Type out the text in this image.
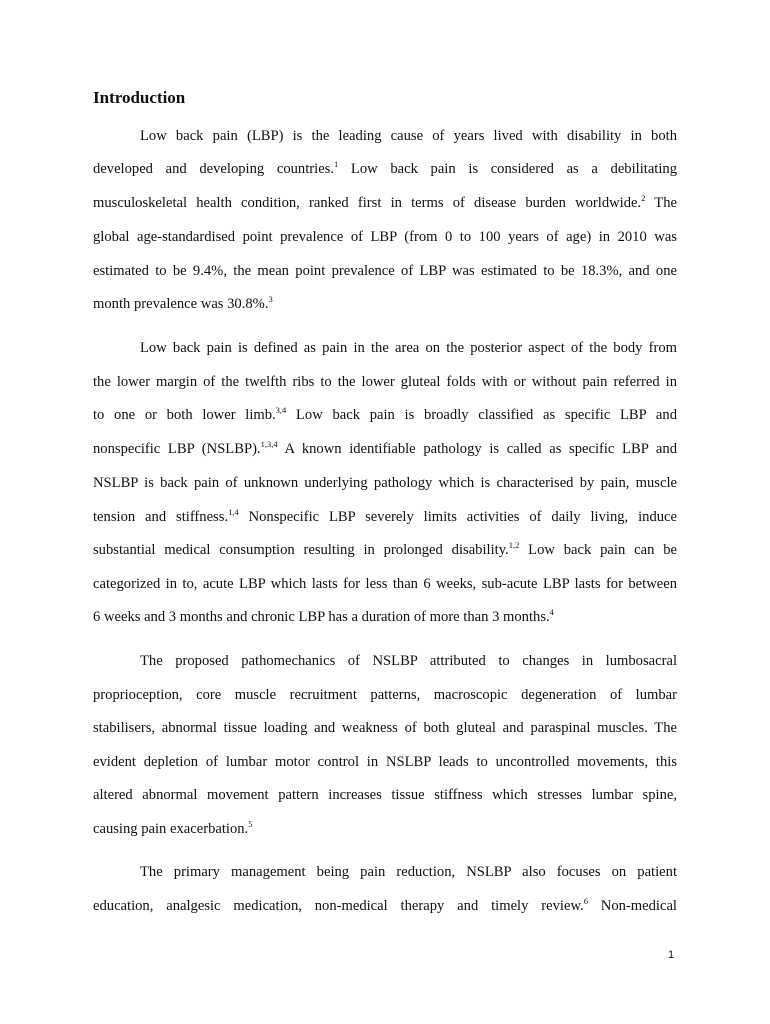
Introduction
Low back pain (LBP) is the leading cause of years lived with disability in both
developed and developing countries.$^1$ Low back pain is considered as a debilitating
musculoskeletal health condition, ranked first in terms of disease burden worldwide.$^2$ The
global age-standardised point prevalence of LBP (from 0 to 100 years of age) in 2010 was
estimated to be 9.4%, the mean point prevalence of LBP was estimated to be 18.3%, and one
month prevalence was 30.8%.$^3$
Low back pain is defined as pain in the area on the posterior aspect of the body from
the lower margin of the twelfth ribs to the lower gluteal folds with or without pain referred in
to one or both lower limb.$^{3,4}$ Low back pain is broadly classified as specific LBP and
nonspecific LBP (NSLBP).$^{1,3,4}$ A known identifiable pathology is called as specific LBP and
NSLBP is back pain of unknown underlying pathology which is characterised by pain, muscle
tension and stiffness.$^{1,4}$ Nonspecific LBP severely limits activities of daily living, induce
substantial medical consumption resulting in prolonged disability.$^{1,2}$ Low back pain can be
categorized in to, acute LBP which lasts for less than 6 weeks, sub-acute LBP lasts for between
6 weeks and 3 months and chronic LBP has a duration of more than 3 months.$^4$
The proposed pathomechanics of NSLBP attributed to changes in lumbosacral
proprioception, core muscle recruitment patterns, macroscopic degeneration of lumbar
stabilisers, abnormal tissue loading and weakness of both gluteal and paraspinal muscles. The
evident depletion of lumbar motor control in NSLBP leads to uncontrolled movements, this
altered abnormal movement pattern increases tissue stiffness which stresses lumbar spine,
causing pain exacerbation.$^5$
The primary management being pain reduction, NSLBP also focuses on patient
education, analgesic medication, non-medical therapy and timely review.$^6$ Non-medical
1
